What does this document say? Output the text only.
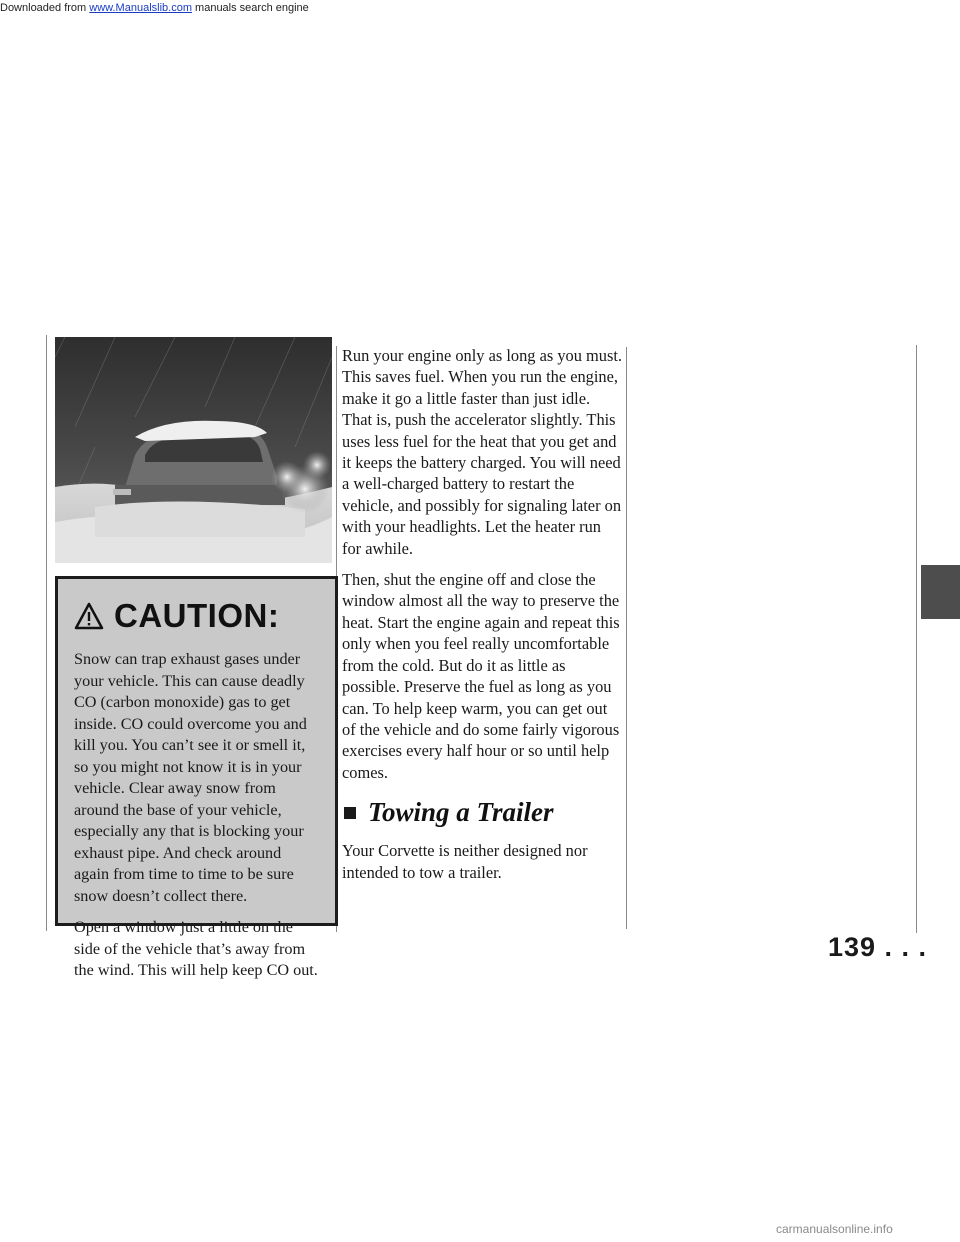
Downloaded from www.Manualslib.com manuals search engine
CAUTION:

Snow can trap exhaust gases under your vehicle. This can cause deadly CO (carbon monoxide) gas to get inside. CO could overcome you and kill you. You can’t see it or smell it, so you might not know it is in your vehicle. Clear away snow from around the base of your vehicle, especially any that is blocking your exhaust pipe. And check around again from time to time to be sure snow doesn’t collect there.

Open a window just a little on the side of the vehicle that’s away from the wind. This will help keep CO out.

Run your engine only as long as you must. This saves fuel. When you run the engine, make it go a little faster than just idle. That is, push the accelerator slightly. This uses less fuel for the heat that you get and it keeps the battery charged. You will need a well-charged battery to restart the vehicle, and possibly for signaling later on with your headlights. Let the heater run for awhile.

Then, shut the engine off and close the window almost all the way to preserve the heat. Start the engine again and repeat this only when you feel really uncomfortable from the cold. But do it as little as possible. Preserve the fuel as long as you can. To help keep warm, you can get out of the vehicle and do some fairly vigorous exercises every half hour or so until help comes.

Towing a Trailer

Your Corvette is neither designed nor intended to tow a trailer.

139 . . .
carmanualsonline.info
